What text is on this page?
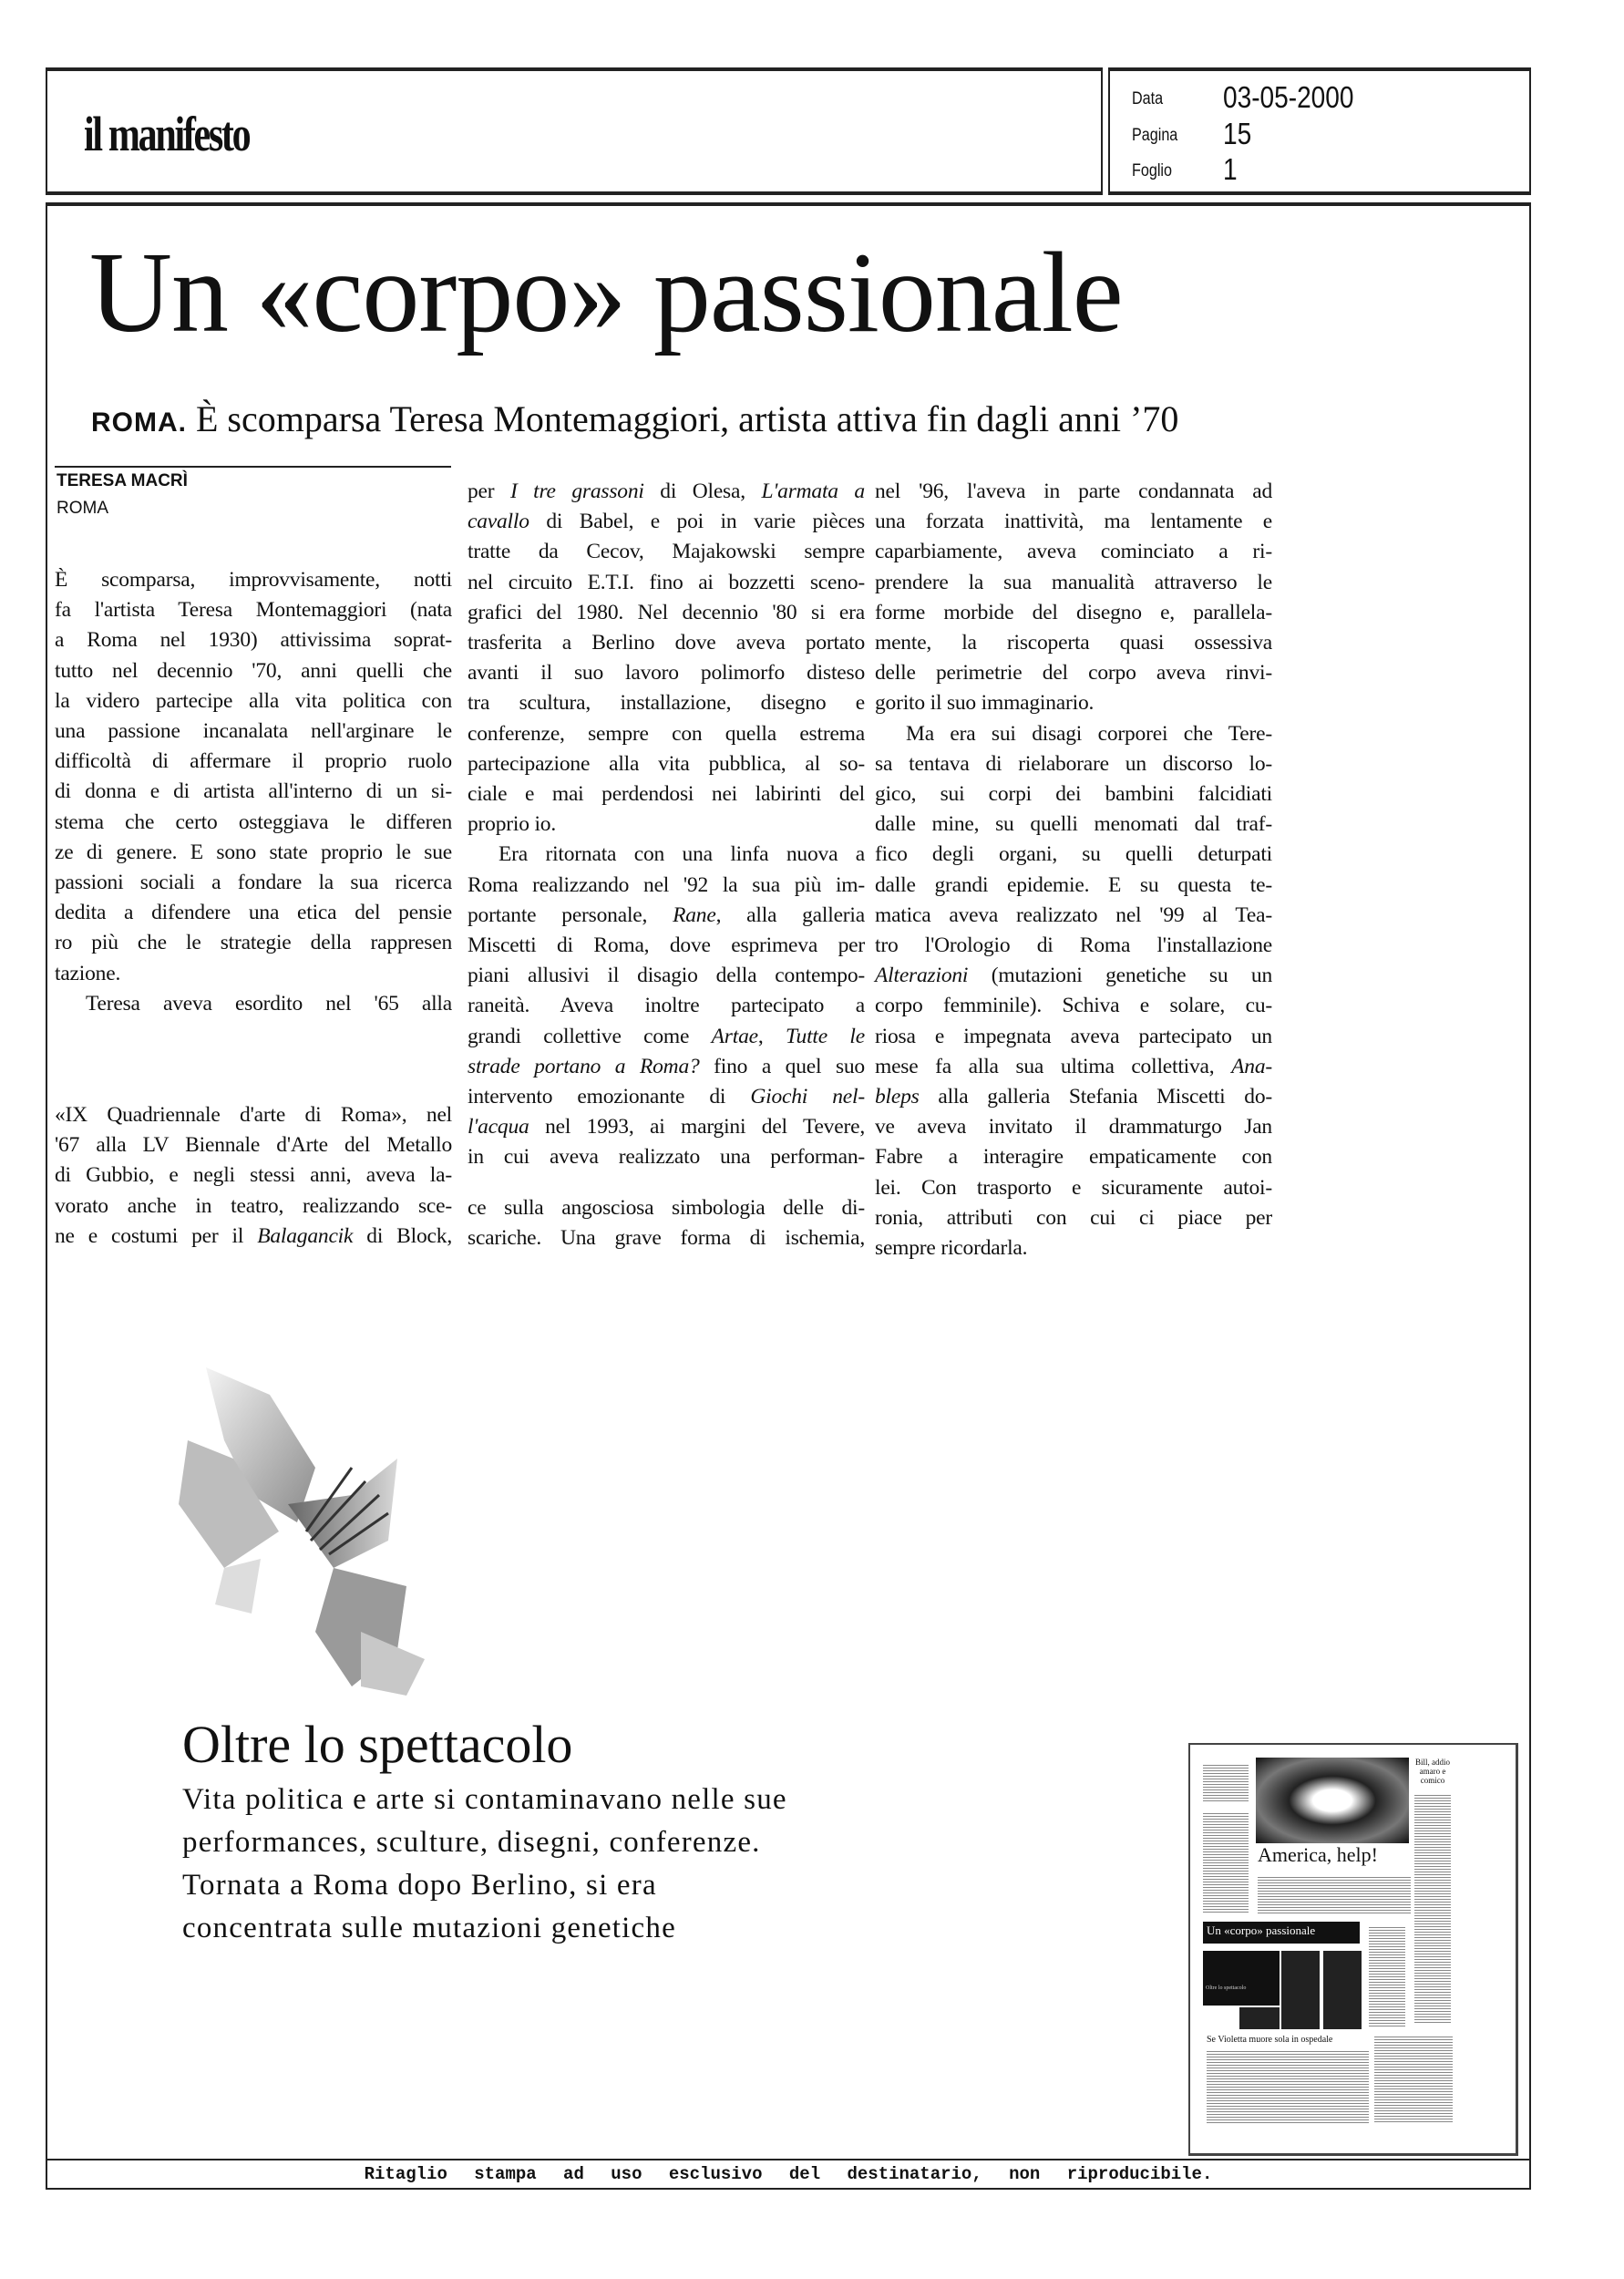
il manifesto
Data 03-05-2000
Pagina 15
Foglio 1
Un «corpo» passionale
ROMA. È scomparsa Teresa Montemaggiori, artista attiva fin dagli anni ’70
TERESA MACRÌ
ROMA
È scomparsa, improvvisamente, notti
fa l'artista Teresa Montemaggiori (nata
a Roma nel 1930) attivissima soprat-
tutto nel decennio '70, anni quelli che
la videro partecipe alla vita politica con
una passione incanalata nell'arginare le
difficoltà di affermare il proprio ruolo
di donna e di artista all'interno di un si-
stema che certo osteggiava le differen
ze di genere. E sono state proprio le sue
passioni sociali a fondare la sua ricerca
dedita a difendere una etica del pensie
ro più che le strategie della rappresen
tazione.
Teresa aveva esordito nel '65 alla
«IX Quadriennale d'arte di Roma», nel
'67 alla LV Biennale d'Arte del Metallo
di Gubbio, e negli stessi anni, aveva la-
vorato anche in teatro, realizzando sce-
ne e costumi per il Balagancik di Block,
per I tre grassoni di Olesa, L'armata a
cavallo di Babel, e poi in varie pièces
tratte da Cecov, Majakowski sempre
nel circuito E.T.I. fino ai bozzetti sceno-
grafici del 1980. Nel decennio '80 si era
trasferita a Berlino dove aveva portato
avanti il suo lavoro polimorfo disteso
tra scultura, installazione, disegno e
conferenze, sempre con quella estrema
partecipazione alla vita pubblica, al so-
ciale e mai perdendosi nei labirinti del
proprio io.
Era ritornata con una linfa nuova a
Roma realizzando nel '92 la sua più im-
portante personale, Rane, alla galleria
Miscetti di Roma, dove esprimeva per
piani allusivi il disagio della contempo-
raneità. Aveva inoltre partecipato a
grandi collettive come Artae, Tutte le
strade portano a Roma? fino a quel suo
intervento emozionante di Giochi nel-
l'acqua nel 1993, ai margini del Tevere,
in cui aveva realizzato una performan-
ce sulla angosciosa simbologia delle di-
scariche. Una grave forma di ischemia,
nel '96, l'aveva in parte condannata ad
una forzata inattività, ma lentamente e
caparbiamente, aveva cominciato a ri-
prendere la sua manualità attraverso le
forme morbide del disegno e, parallela-
mente, la riscoperta quasi ossessiva
delle perimetrie del corpo aveva rinvi-
gorito il suo immaginario.
Ma era sui disagi corporei che Tere-
sa tentava di rielaborare un discorso lo-
gico, sui corpi dei bambini falcidiati
dalle mine, su quelli menomati dal traf-
fico degli organi, su quelli deturpati
dalle grandi epidemie. E su questa te-
matica aveva realizzato nel '99 al Tea-
tro l'Orologio di Roma l'installazione
Alterazioni (mutazioni genetiche su un
corpo femminile). Schiva e solare, cu-
riosa e impegnata aveva partecipato un
mese fa alla sua ultima collettiva, Ana-
bleps alla galleria Stefania Miscetti do-
ve aveva invitato il drammaturgo Jan
Fabre a interagire empaticamente con
lei. Con trasporto e sicuramente autoi-
ronia, attributi con cui ci piace per
sempre ricordarla.
Oltre lo spettacolo
Vita politica e arte si contaminavano nelle sue
performances, sculture, disegni, conferenze.
Tornata a Roma dopo Berlino, si era
concentrata sulle mutazioni genetiche
America, help!
Bill, addio amaro e comico
Un «corpo» passionale
Oltre lo spettacolo
Se Violetta muore sola in ospedale
Ritaglio stampa ad uso esclusivo del destinatario, non riproducibile.
